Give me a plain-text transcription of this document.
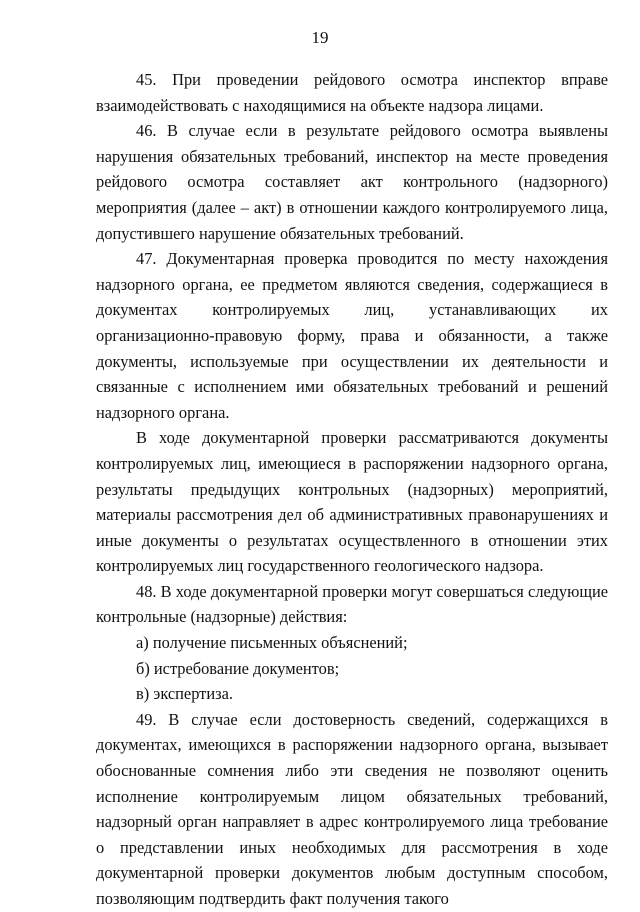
19

45. При проведении рейдового осмотра инспектор вправе взаимодействовать с находящимися на объекте надзора лицами.

46. В случае если в результате рейдового осмотра выявлены нарушения обязательных требований, инспектор на месте проведения рейдового осмотра составляет акт контрольного (надзорного) мероприятия (далее – акт) в отношении каждого контролируемого лица, допустившего нарушение обязательных требований.

47. Документарная проверка проводится по месту нахождения надзорного органа, ее предметом являются сведения, содержащиеся в документах контролируемых лиц, устанавливающих их организационно-правовую форму, права и обязанности, а также документы, используемые при осуществлении их деятельности и связанные с исполнением ими обязательных требований и решений надзорного органа.

В ходе документарной проверки рассматриваются документы контролируемых лиц, имеющиеся в распоряжении надзорного органа, результаты предыдущих контрольных (надзорных) мероприятий, материалы рассмотрения дел об административных правонарушениях и иные документы о результатах осуществленного в отношении этих контролируемых лиц государственного геологического надзора.

48. В ходе документарной проверки могут совершаться следующие контрольные (надзорные) действия:

а) получение письменных объяснений;

б) истребование документов;

в) экспертиза.

49. В случае если достоверность сведений, содержащихся в документах, имеющихся в распоряжении надзорного органа, вызывает обоснованные сомнения либо эти сведения не позволяют оценить исполнение контролируемым лицом обязательных требований, надзорный орган направляет в адрес контролируемого лица требование о представлении иных необходимых для рассмотрения в ходе документарной проверки документов любым доступным способом, позволяющим подтвердить факт получения такого
